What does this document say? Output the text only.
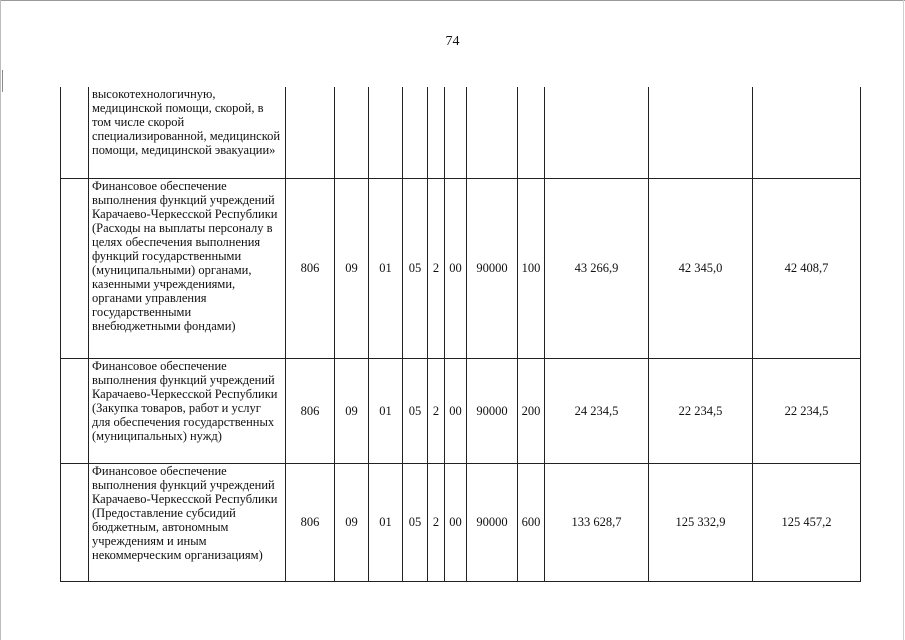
74
	высокотехнологичную, медицинской помощи, скорой, в том числе скорой специализированной, медицинской помощи, медицинской эвакуации»											
	Финансовое обеспечение выполнения функций учреждений Карачаево-Черкесской Республики (Расходы на выплаты персоналу в целях обеспечения выполнения функций государственными (муниципальными) органами, казенными учреждениями, органами управления государственными внебюджетными фондами)	806	09	01	05	2	00	90000	100	43 266,9	42 345,0	42 408,7
	Финансовое обеспечение выполнения функций учреждений Карачаево-Черкесской Республики (Закупка товаров, работ и услуг для обеспечения государственных (муниципальных) нужд)	806	09	01	05	2	00	90000	200	24 234,5	22 234,5	22 234,5
	Финансовое обеспечение выполнения функций учреждений Карачаево-Черкесской Республики (Предоставление субсидий бюджетным, автономным учреждениям и иным некоммерческим организациям)	806	09	01	05	2	00	90000	600	133 628,7	125 332,9	125 457,2
